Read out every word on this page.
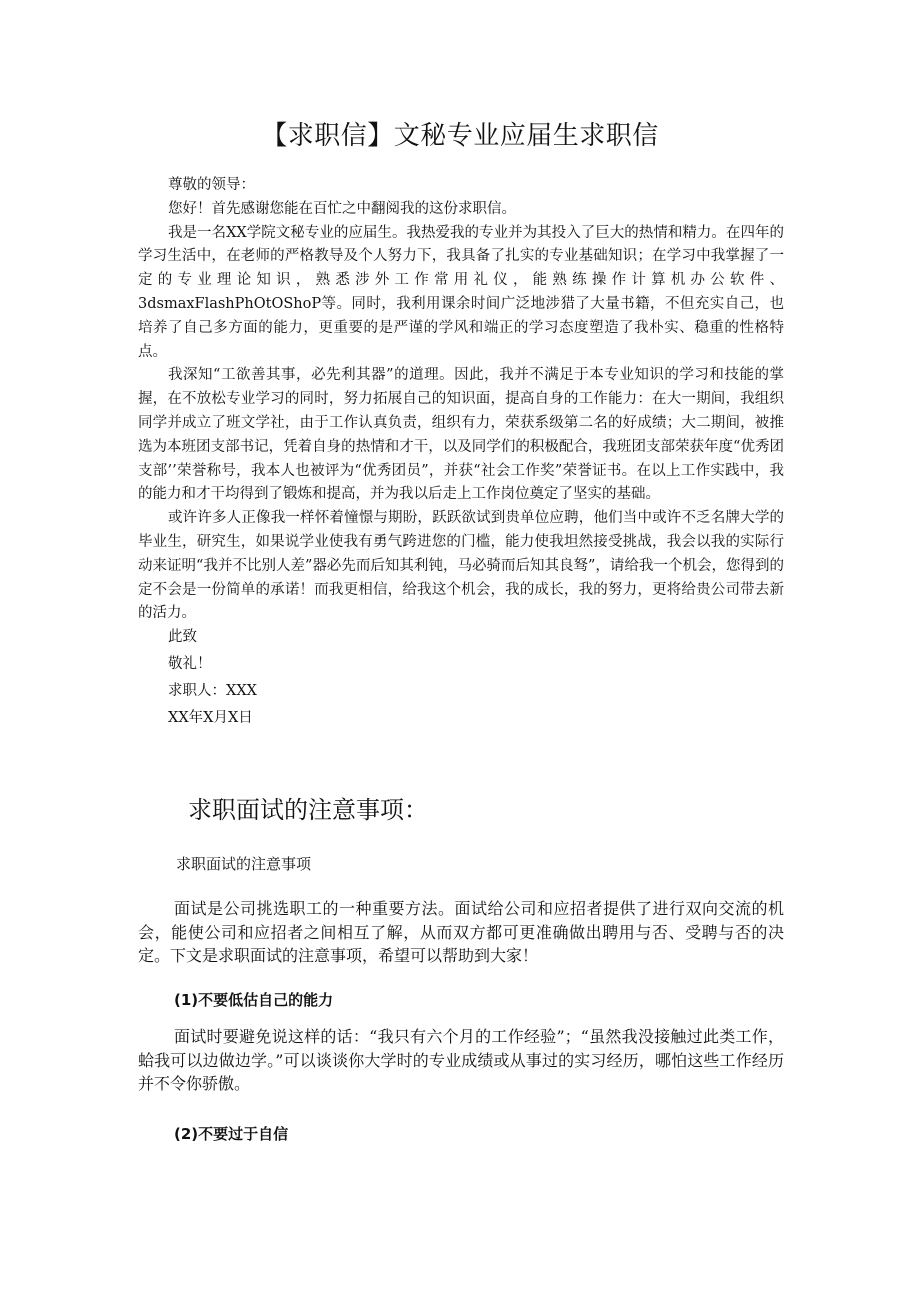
【求职信】文秘专业应届生求职信

尊敬的领导：

您好！首先感谢您能在百忙之中翻阅我的这份求职信。

我是一名XX学院文秘专业的应届生。我热爱我的专业并为其投入了巨大的热情和精力。在四年的学习生活中，在老师的严格教导及个人努力下，我具备了扎实的专业基础知识；在学习中我掌握了一定的专业理论知识，熟悉涉外工作常用礼仪，能熟练操作计算机办公软件、3dsmaxFlashPhOtOShoP等。同时，我利用课余时间广泛地涉猎了大量书籍，不但充实自己，也培养了自己多方面的能力，更重要的是严谨的学风和端正的学习态度塑造了我朴实、稳重的性格特点。

我深知“工欲善其事，必先利其器”的道理。因此，我并不满足于本专业知识的学习和技能的掌握，在不放松专业学习的同时，努力拓展自己的知识面，提高自身的工作能力：在大一期间，我组织同学并成立了班文学社，由于工作认真负责，组织有力，荣获系级第二名的好成绩；大二期间，被推选为本班团支部书记，凭着自身的热情和才干，以及同学们的积极配合，我班团支部荣获年度“优秀团支部’’荣誉称号，我本人也被评为“优秀团员”，并获“社会工作奖”荣誉证书。在以上工作实践中，我的能力和才干均得到了锻炼和提高，并为我以后走上工作岗位奠定了坚实的基础。

或许许多人正像我一样怀着憧憬与期盼，跃跃欲试到贵单位应聘，他们当中或许不乏名牌大学的毕业生，研究生，如果说学业使我有勇气跨进您的门槛，能力使我坦然接受挑战，我会以我的实际行动来证明“我并不比别人差”器必先而后知其利钝，马必骑而后知其良驽”，请给我一个机会，您得到的定不会是一份简单的承诺！而我更相信，给我这个机会，我的成长，我的努力，更将给贵公司带去新的活力。

此致

敬礼！

求职人：XXX

XX年X月X日

求职面试的注意事项：
求职面试的注意事项

面试是公司挑选职工的一种重要方法。面试给公司和应招者提供了进行双向交流的机会，能使公司和应招者之间相互了解，从而双方都可更准确做出聘用与否、受聘与否的决定。下文是求职面试的注意事项，希望可以帮助到大家！

(1)不要低估自己的能力

面试时要避免说这样的话：“我只有六个月的工作经验”；“虽然我没接触过此类工作，蛤我可以边做边学。”可以谈谈你大学时的专业成绩或从事过的实习经历，哪怕这些工作经历并不令你骄傲。

(2)不要过于自信
